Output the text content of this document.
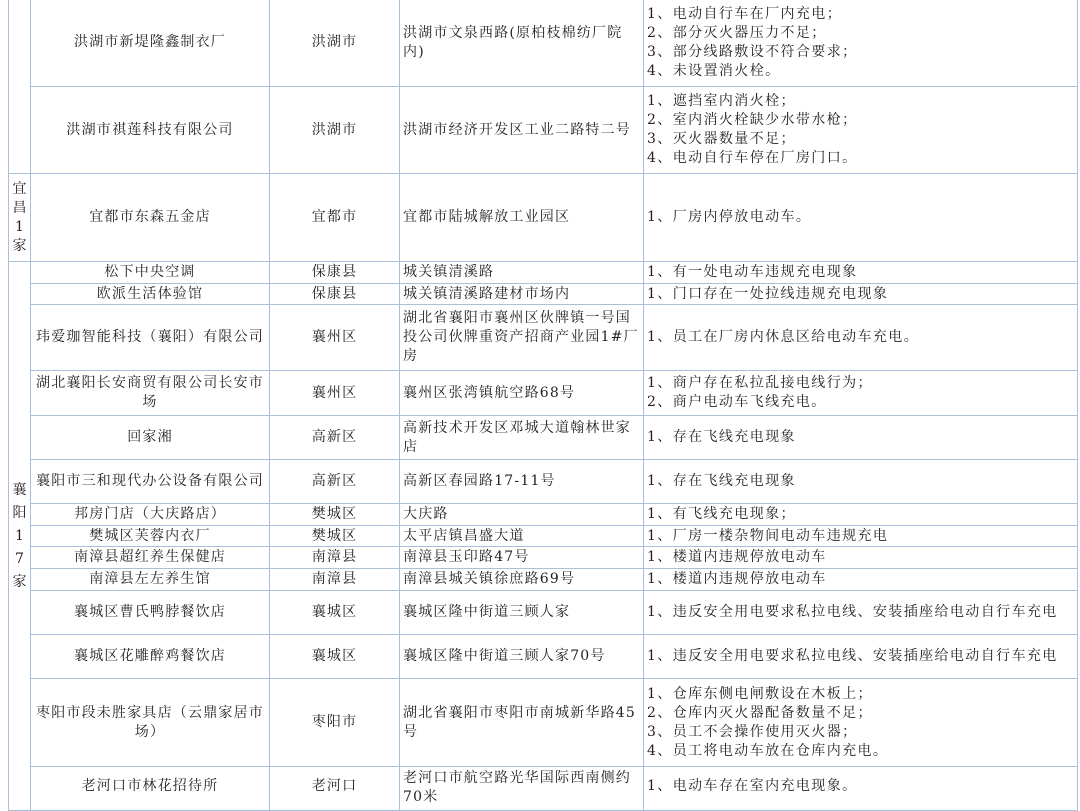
	洪湖市新堤隆鑫制衣厂	洪湖市	洪湖市文泉西路(原柏枝棉纺厂院内)	1、电动自行车在厂内充电；
2、部分灭火器压力不足；
3、部分线路敷设不符合要求；
4、未设置消火栓。

	洪湖市祺莲科技有限公司	洪湖市	洪湖市经济开发区工业二路特二号	1、遮挡室内消火栓；
2、室内消火栓缺少水带水枪；
3、灭火器数量不足；
4、电动自行车停在厂房门口。

宜昌1家	宜都市东森五金店	宜都市	宜都市陆城解放工业园区	1、厂房内停放电动车。

襄阳17家	松下中央空调	保康县	城关镇清溪路	1、有一处电动车违规充电现象

	欧派生活体验馆	保康县	城关镇清溪路建材市场内	1、门口存在一处拉线违规充电现象

	玮爱珈智能科技（襄阳）有限公司	襄州区	湖北省襄阳市襄州区伙牌镇一号国投公司伙牌重资产招商产业园1#厂房	1、员工在厂房内休息区给电动车充电。

	湖北襄阳长安商贸有限公司长安市场	襄州区	襄州区张湾镇航空路68号	1、商户存在私拉乱接电线行为；
2、商户电动车飞线充电。

	回家湘	高新区	高新技术开发区邓城大道翰林世家店	1、存在飞线充电现象

	襄阳市三和现代办公设备有限公司	高新区	高新区春园路17-11号	1、存在飞线充电现象

	邦房门店（大庆路店）	樊城区	大庆路	1、有飞线充电现象；

	樊城区芙蓉内衣厂	樊城区	太平店镇昌盛大道	1、厂房一楼杂物间电动车违规充电

	南漳县超红养生保健店	南漳县	南漳县玉印路47号	1、楼道内违规停放电动车

	南漳县左左养生馆	南漳县	南漳县城关镇徐庶路69号	1、楼道内违规停放电动车

	襄城区曹氏鸭脖餐饮店	襄城区	襄城区隆中街道三顾人家	1、违反安全用电要求私拉电线、安装插座给电动自行车充电

	襄城区花雕醉鸡餐饮店	襄城区	襄城区隆中街道三顾人家70号	1、违反安全用电要求私拉电线、安装插座给电动自行车充电

	枣阳市段未胜家具店（云鼎家居市场）	枣阳市	湖北省襄阳市枣阳市南城新华路45号	1、仓库东侧电闸敷设在木板上；
2、仓库内灭火器配备数量不足；
3、员工不会操作使用灭火器；
4、员工将电动车放在仓库内充电。

	老河口市林花招待所	老河口	老河口市航空路光华国际西南侧约70米	1、电动车存在室内充电现象。
